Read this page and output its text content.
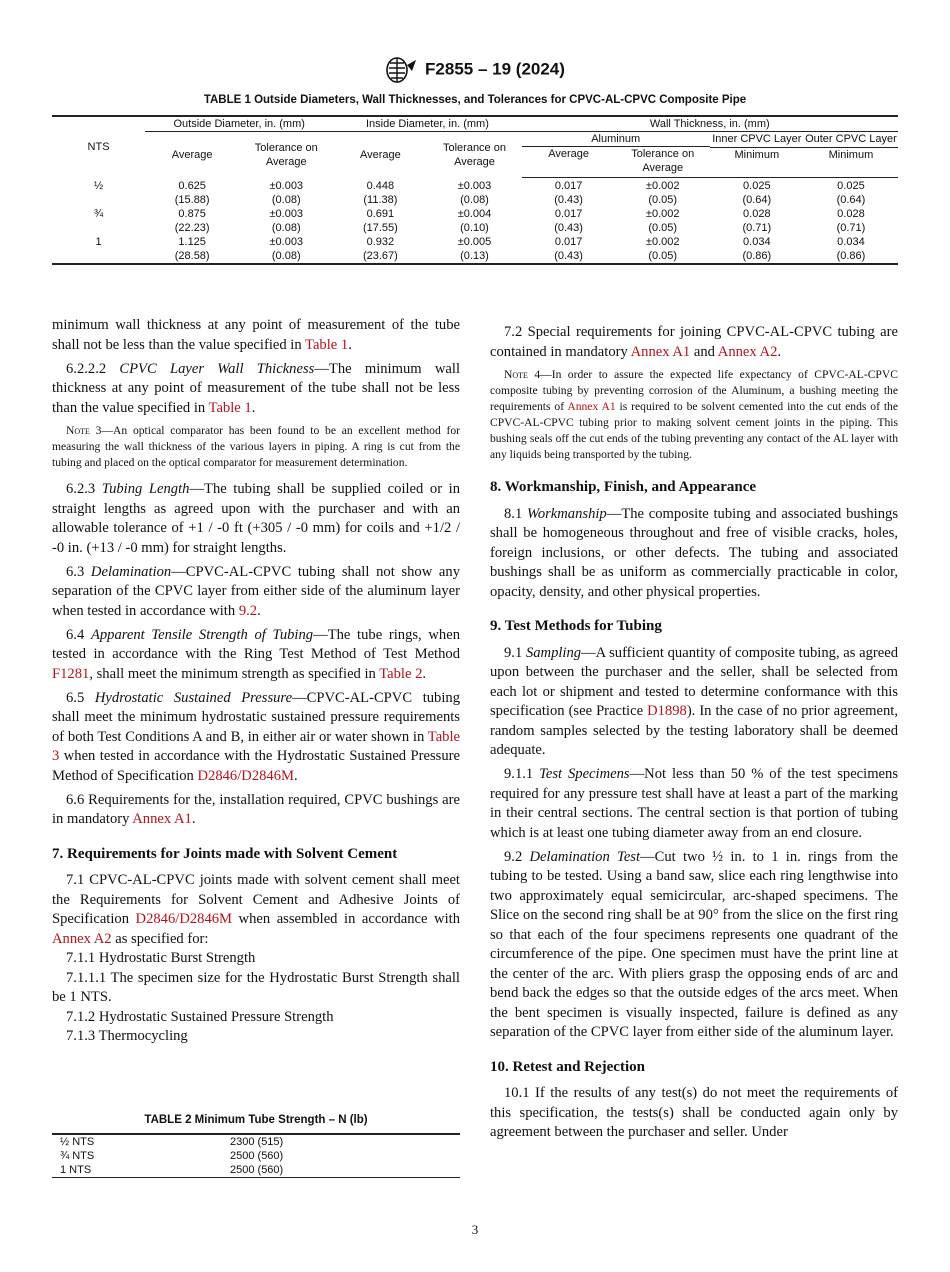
F2855 – 19 (2024)
TABLE 1 Outside Diameters, Wall Thicknesses, and Tolerances for CPVC-AL-CPVC Composite Pipe
NTS	Outside Diameter, in. (mm)		Inside Diameter, in. (mm)		Wall Thickness, in. (mm)			
	Average	Tolerance on Average	Average	Tolerance on Average	Aluminum		Inner CPVC Layer	Outer CPVC Layer

					Average	Tolerance on Average	Minimum	Minimum
½	0.625	±0.003	0.448	±0.003	0.017	±0.002	0.025	0.025
	(15.88)	(0.08)	(11.38)	(0.08)	(0.43)	(0.05)	(0.64)	(0.64)
¾	0.875	±0.003	0.691	±0.004	0.017	±0.002	0.028	0.028
	(22.23)	(0.08)	(17.55)	(0.10)	(0.43)	(0.05)	(0.71)	(0.71)
1	1.125	±0.003	0.932	±0.005	0.017	±0.002	0.034	0.034
	(28.58)	(0.08)	(23.67)	(0.13)	(0.43)	(0.05)	(0.86)	(0.86)

minimum wall thickness at any point of measurement of the tube shall not be less than the value specified in Table 1.

6.2.2.2 CPVC Layer Wall Thickness—The minimum wall thickness at any point of measurement of the tube shall not be less than the value specified in Table 1.

Note 3—An optical comparator has been found to be an excellent method for measuring the wall thickness of the various layers in piping. A ring is cut from the tubing and placed on the optical comparator for measurement determination.

6.2.3 Tubing Length—The tubing shall be supplied coiled or in straight lengths as agreed upon with the purchaser and with an allowable tolerance of +1 / -0 ft (+305 / -0 mm) for coils and +1/2 / -0 in. (+13 / -0 mm) for straight lengths.

6.3 Delamination—CPVC-AL-CPVC tubing shall not show any separation of the CPVC layer from either side of the aluminum layer when tested in accordance with 9.2.

6.4 Apparent Tensile Strength of Tubing—The tube rings, when tested in accordance with the Ring Test Method of Test Method F1281, shall meet the minimum strength as specified in Table 2.

6.5 Hydrostatic Sustained Pressure—CPVC-AL-CPVC tubing shall meet the minimum hydrostatic sustained pressure requirements of both Test Conditions A and B, in either air or water shown in Table 3 when tested in accordance with the Hydrostatic Sustained Pressure Method of Specification D2846/D2846M.

6.6 Requirements for the, installation required, CPVC bushings are in mandatory Annex A1.

7. Requirements for Joints made with Solvent Cement

7.1 CPVC-AL-CPVC joints made with solvent cement shall meet the Requirements for Solvent Cement and Adhesive Joints of Specification D2846/D2846M when assembled in accordance with Annex A2 as specified for:

7.1.1 Hydrostatic Burst Strength

7.1.1.1 The specimen size for the Hydrostatic Burst Strength shall be 1 NTS.

7.1.2 Hydrostatic Sustained Pressure Strength

7.1.3 Thermocycling

7.2 Special requirements for joining CPVC-AL-CPVC tubing are contained in mandatory Annex A1 and Annex A2.

Note 4—In order to assure the expected life expectancy of CPVC-AL-CPVC composite tubing by preventing corrosion of the Aluminum, a bushing meeting the requirements of Annex A1 is required to be solvent cemented into the cut ends of the CPVC-AL-CPVC tubing prior to making solvent cement joints in the piping. This bushing seals off the cut ends of the tubing preventing any contact of the AL layer with any liquids being transported by the tubing.
8. Workmanship, Finish, and Appearance

8.1 Workmanship—The composite tubing and associated bushings shall be homogeneous throughout and free of visible cracks, holes, foreign inclusions, or other defects. The tubing and associated bushings shall be as uniform as commercially practicable in color, opacity, density, and other physical properties.

9. Test Methods for Tubing

9.1 Sampling—A sufficient quantity of composite tubing, as agreed upon between the purchaser and the seller, shall be selected from each lot or shipment and tested to determine conformance with this specification (see Practice D1898). In the case of no prior agreement, random samples selected by the testing laboratory shall be deemed adequate.

9.1.1 Test Specimens—Not less than 50 % of the test specimens required for any pressure test shall have at least a part of the marking in their central sections. The central section is that portion of tubing which is at least one tubing diameter away from an end closure.

9.2 Delamination Test—Cut two ½ in. to 1 in. rings from the tubing to be tested. Using a band saw, slice each ring lengthwise into two approximately equal semicircular, arc-shaped specimens. The Slice on the second ring shall be at 90° from the slice on the first ring so that each of the four specimens represents one quadrant of the circumference of the pipe. One specimen must have the print line at the center of the arc. With pliers grasp the opposing ends of arc and bend back the edges so that the outside edges of the arcs meet. When the bent specimen is visually inspected, failure is defined as any separation of the CPVC layer from either side of the aluminum layer.

10. Retest and Rejection

10.1 If the results of any test(s) do not meet the requirements of this specification, the tests(s) shall be conducted again only by agreement between the purchaser and seller. Under

TABLE 2 Minimum Tube Strength – N (lb)
½ NTS	2300 (515)
¾ NTS	2500 (560)
1 NTS	2500 (560)
3
